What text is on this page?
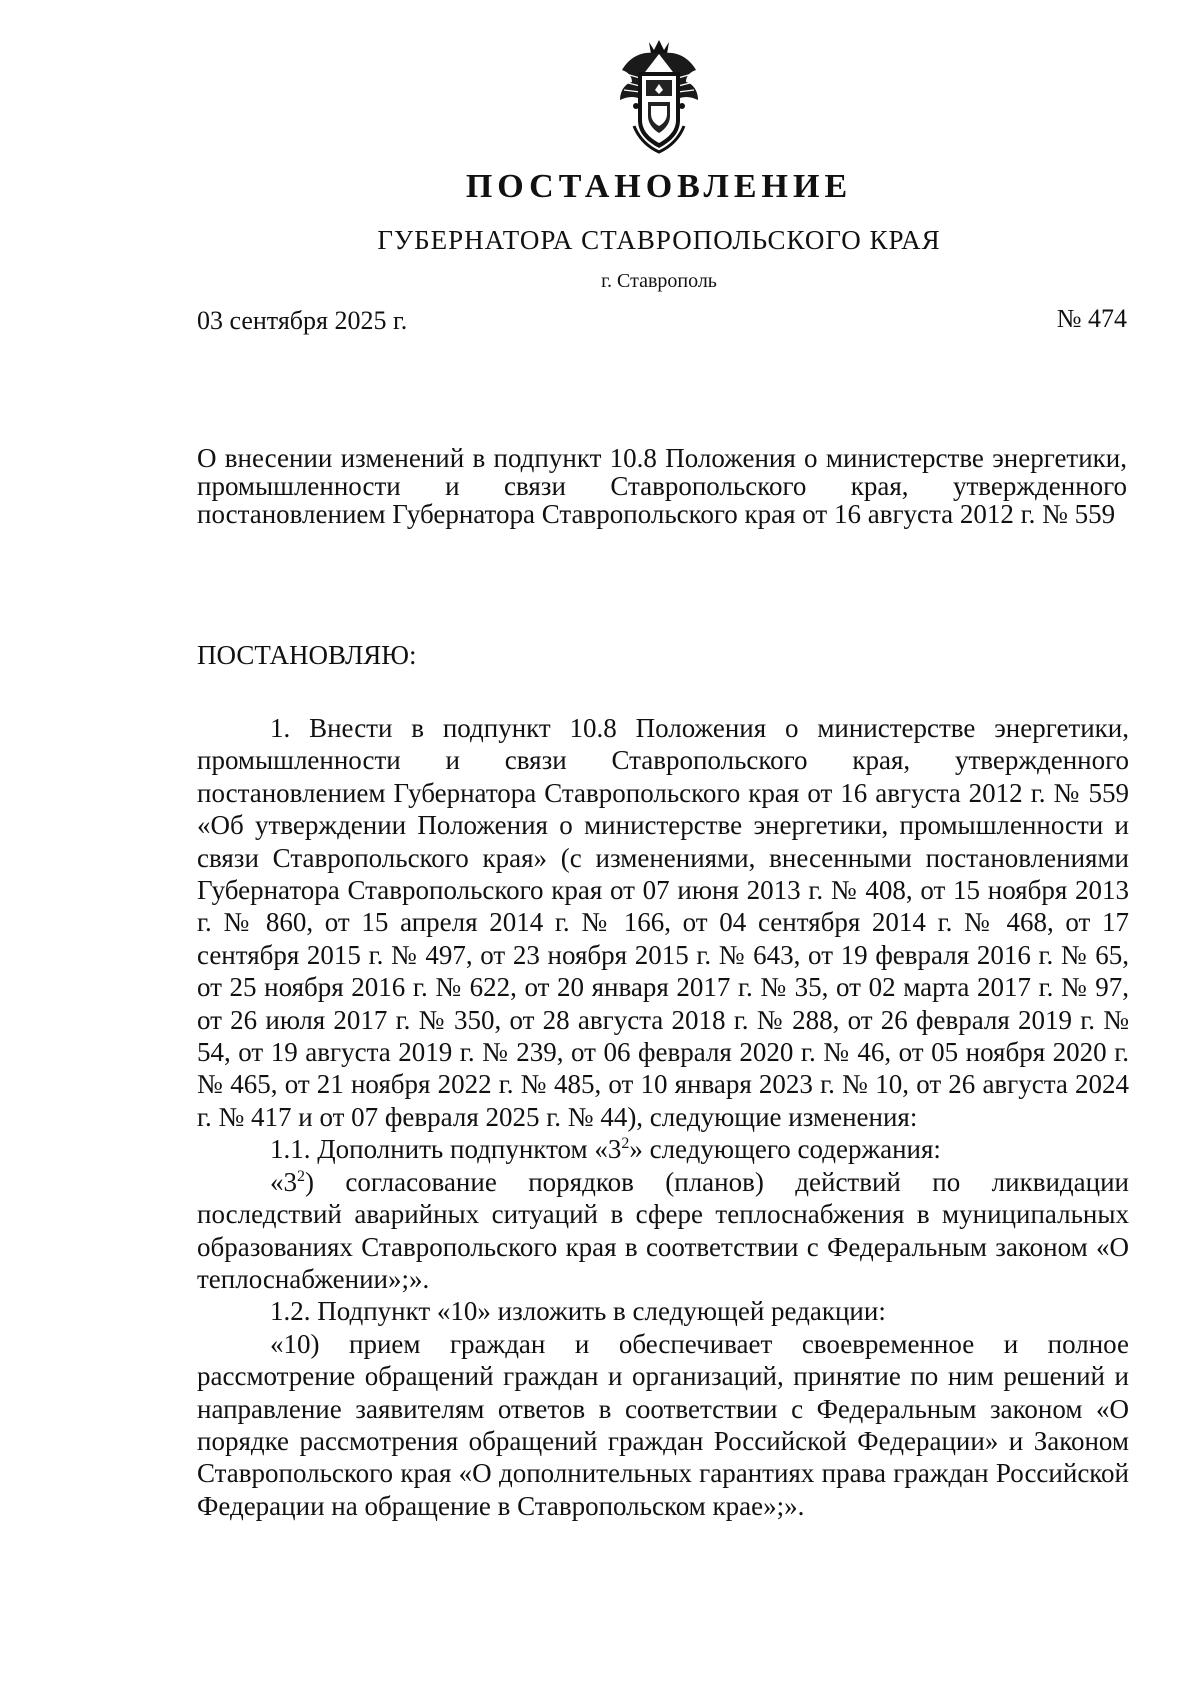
ПОСТАНОВЛЕНИЕ
ГУБЕРНАТОРА СТАВРОПОЛЬСКОГО КРАЯ
г. Ставрополь
03 сентября 2025 г.	№ 474
О внесении изменений в подпункт 10.8 Положения о министерстве энергетики, промышленности и связи Ставропольского края, утвержденного постановлением Губернатора Ставропольского края от 16 августа 2012 г. № 559
ПОСТАНОВЛЯЮ:

1. Внести в подпункт 10.8 Положения о министерстве энергетики, промышленности и связи Ставропольского края, утвержденного постановлением Губернатора Ставропольского края от 16 августа 2012 г. № 559 «Об утверждении Положения о министерстве энергетики, промышленности и связи Ставропольского края» (с изменениями, внесенными постановлениями Губернатора Ставропольского края от 07 июня 2013 г. № 408, от 15 ноября 2013 г. № 860, от 15 апреля 2014 г. № 166, от 04 сентября 2014 г. № 468, от 17 сентября 2015 г. № 497, от 23 ноября 2015 г. № 643, от 19 февраля 2016 г. № 65, от 25 ноября 2016 г. № 622, от 20 января 2017 г. № 35, от 02 марта 2017 г. № 97, от 26 июля 2017 г. № 350, от 28 августа 2018 г. № 288, от 26 февраля 2019 г. № 54, от 19 августа 2019 г. № 239, от 06 февраля 2020 г. № 46, от 05 ноября 2020 г. № 465, от 21 ноября 2022 г. № 485, от 10 января 2023 г. № 10, от 26 августа 2024 г. № 417 и от 07 февраля 2025 г. № 44), следующие изменения:

1.1. Дополнить подпунктом «$3^2$» следующего содержания:

«$3^2$) согласование порядков (планов) действий по ликвидации последствий аварийных ситуаций в сфере теплоснабжения в муниципальных образованиях Ставропольского края в соответствии с Федеральным законом «О теплоснабжении»;».

1.2. Подпункт «10» изложить в следующей редакции:

«10) прием граждан и обеспечивает своевременное и полное рассмотрение обращений граждан и организаций, принятие по ним решений и направление заявителям ответов в соответствии с Федеральным законом «О порядке рассмотрения обращений граждан Российской Федерации» и Законом Ставропольского края «О дополнительных гарантиях права граждан Российской Федерации на обращение в Ставропольском крае»;».
